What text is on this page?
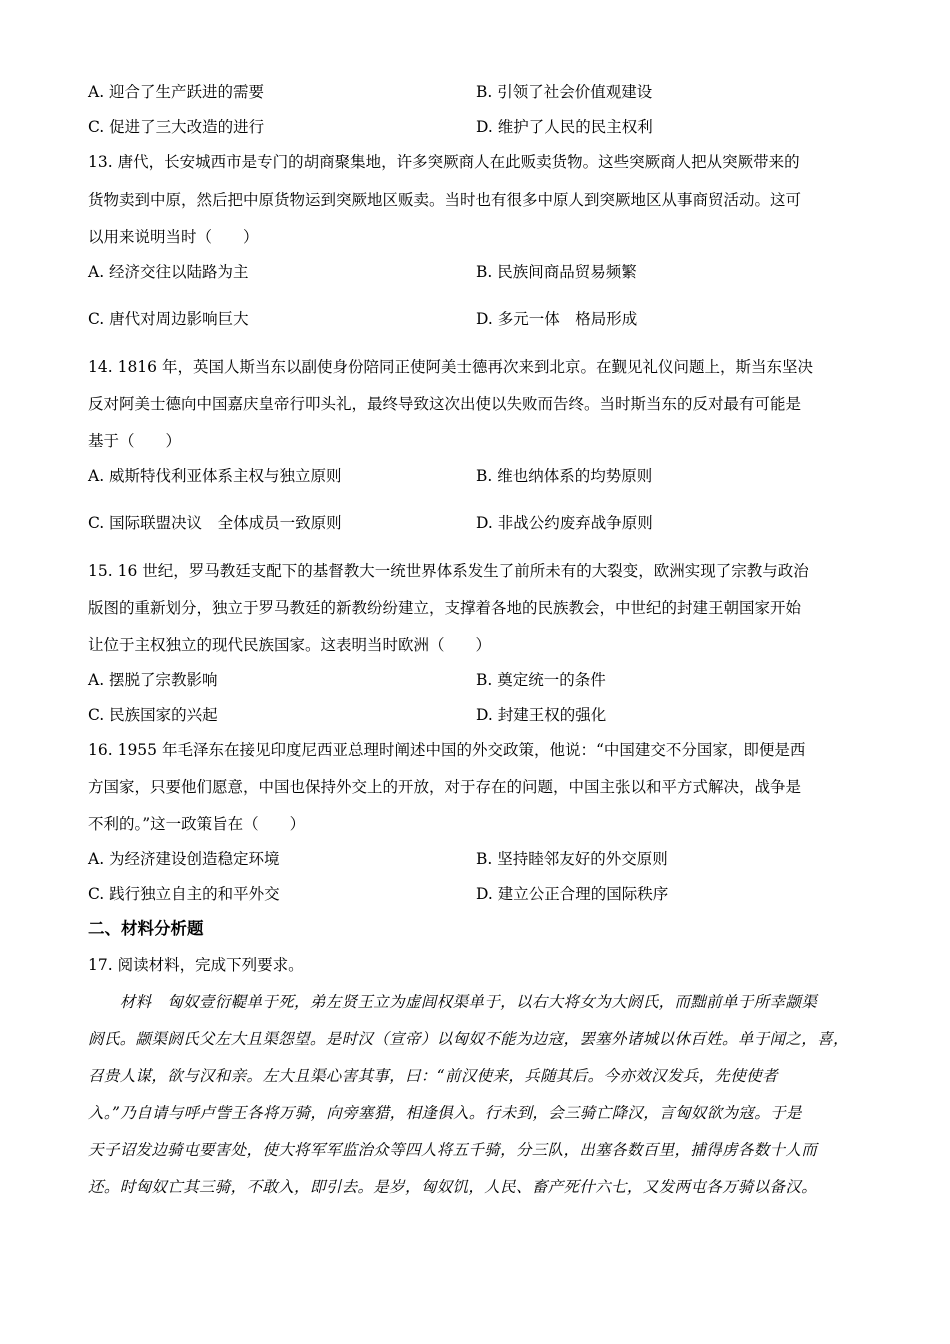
A. 迎合了生产跃进的需要	B. 引领了社会价值观建设
C. 促进了三大改造的进行	D. 维护了人民的民主权利
13. 唐代，长安城西市是专门的胡商聚集地，许多突厥商人在此贩卖货物。这些突厥商人把从突厥带来的
货物卖到中原，然后把中原货物运到突厥地区贩卖。当时也有很多中原人到突厥地区从事商贸活动。这可
以用来说明当时（　　）
A. 经济交往以陆路为主	B. 民族间商品贸易频繁
C. 唐代对周边影响巨大	D. 多元一体　格局形成
14. 1816 年，英国人斯当东以副使身份陪同正使阿美士德再次来到北京。在觐见礼仪问题上，斯当东坚决
反对阿美士德向中国嘉庆皇帝行叩头礼，最终导致这次出使以失败而告终。当时斯当东的反对最有可能是
基于（　　）
A. 威斯特伐利亚体系主权与独立原则	B. 维也纳体系的均势原则
C. 国际联盟决议　全体成员一致原则	D. 非战公约废弃战争原则
15. 16 世纪，罗马教廷支配下的基督教大一统世界体系发生了前所未有的大裂变，欧洲实现了宗教与政治
版图的重新划分，独立于罗马教廷的新教纷纷建立，支撑着各地的民族教会，中世纪的封建王朝国家开始
让位于主权独立的现代民族国家。这表明当时欧洲（　　）
A. 摆脱了宗教影响	B. 奠定统一的条件
C. 民族国家的兴起	D. 封建王权的强化
16. 1955 年毛泽东在接见印度尼西亚总理时阐述中国的外交政策，他说：“中国建交不分国家，即便是西
方国家，只要他们愿意，中国也保持外交上的开放，对于存在的问题，中国主张以和平方式解决，战争是
不利的。”这一政策旨在（　　）
A. 为经济建设创造稳定环境	B. 坚持睦邻友好的外交原则
C. 践行独立自主的和平外交	D. 建立公正合理的国际秩序
二、材料分析题
17. 阅读材料，完成下列要求。
　　材料　匈奴壹衍鞮单于死，弟左贤王立为虚闾权渠单于，以右大将女为大阏氏，而黜前单于所幸颛渠
阏氏。颛渠阏氏父左大且渠怨望。是时汉（宣帝）以匈奴不能为边寇，罢塞外诸城以休百姓。单于闻之，喜，
召贵人谋，欲与汉和亲。左大且渠心害其事，曰：“前汉使来，兵随其后。今亦效汉发兵，先使使者
入。”乃自请与呼卢訾王各将万骑，向旁塞猎，相逢俱入。行未到，会三骑亡降汉，言匈奴欲为寇。于是
天子诏发边骑屯要害处，使大将军军监治众等四人将五千骑，分三队，出塞各数百里，捕得虏各数十人而
还。时匈奴亡其三骑，不敢入，即引去。是岁，匈奴饥，人民、畜产死什六七，又发两屯各万骑以备汉。
